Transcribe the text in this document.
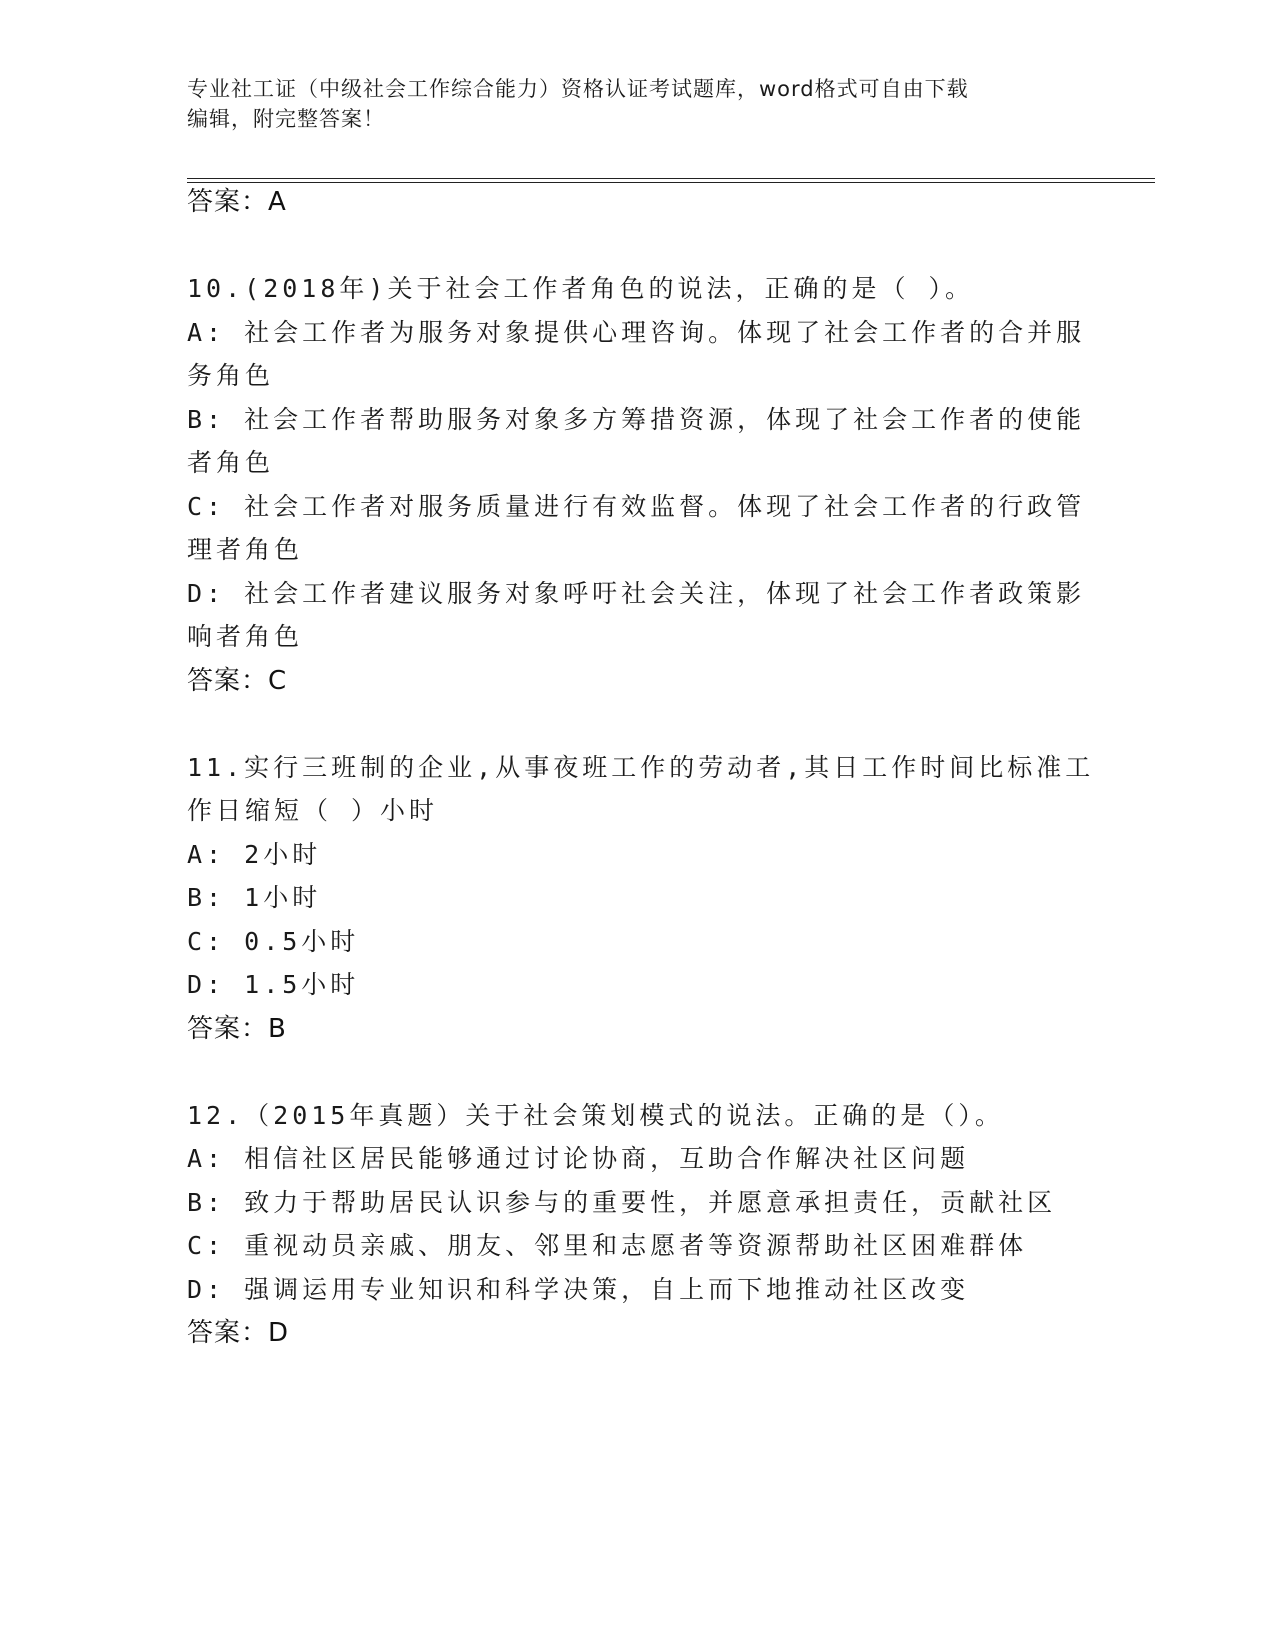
专业社工证（中级社会工作综合能力）资格认证考试题库，word格式可自由下载
编辑，附完整答案！
答案：A
10.(2018年)关于社会工作者角色的说法，正确的是（ ）。
A: 社会工作者为服务对象提供心理咨询。体现了社会工作者的合并服
务角色
B: 社会工作者帮助服务对象多方筹措资源，体现了社会工作者的使能
者角色
C: 社会工作者对服务质量进行有效监督。体现了社会工作者的行政管
理者角色
D: 社会工作者建议服务对象呼吁社会关注，体现了社会工作者政策影
响者角色
答案：C
11.实行三班制的企业,从事夜班工作的劳动者,其日工作时间比标准工
作日缩短（ ）小时
A: 2小时
B: 1小时
C: 0.5小时
D: 1.5小时
答案：B
12.（2015年真题）关于社会策划模式的说法。正确的是（）。
A: 相信社区居民能够通过讨论协商，互助合作解决社区问题
B: 致力于帮助居民认识参与的重要性，并愿意承担责任，贡献社区
C: 重视动员亲戚、朋友、邻里和志愿者等资源帮助社区困难群体
D: 强调运用专业知识和科学决策，自上而下地推动社区改变
答案：D
